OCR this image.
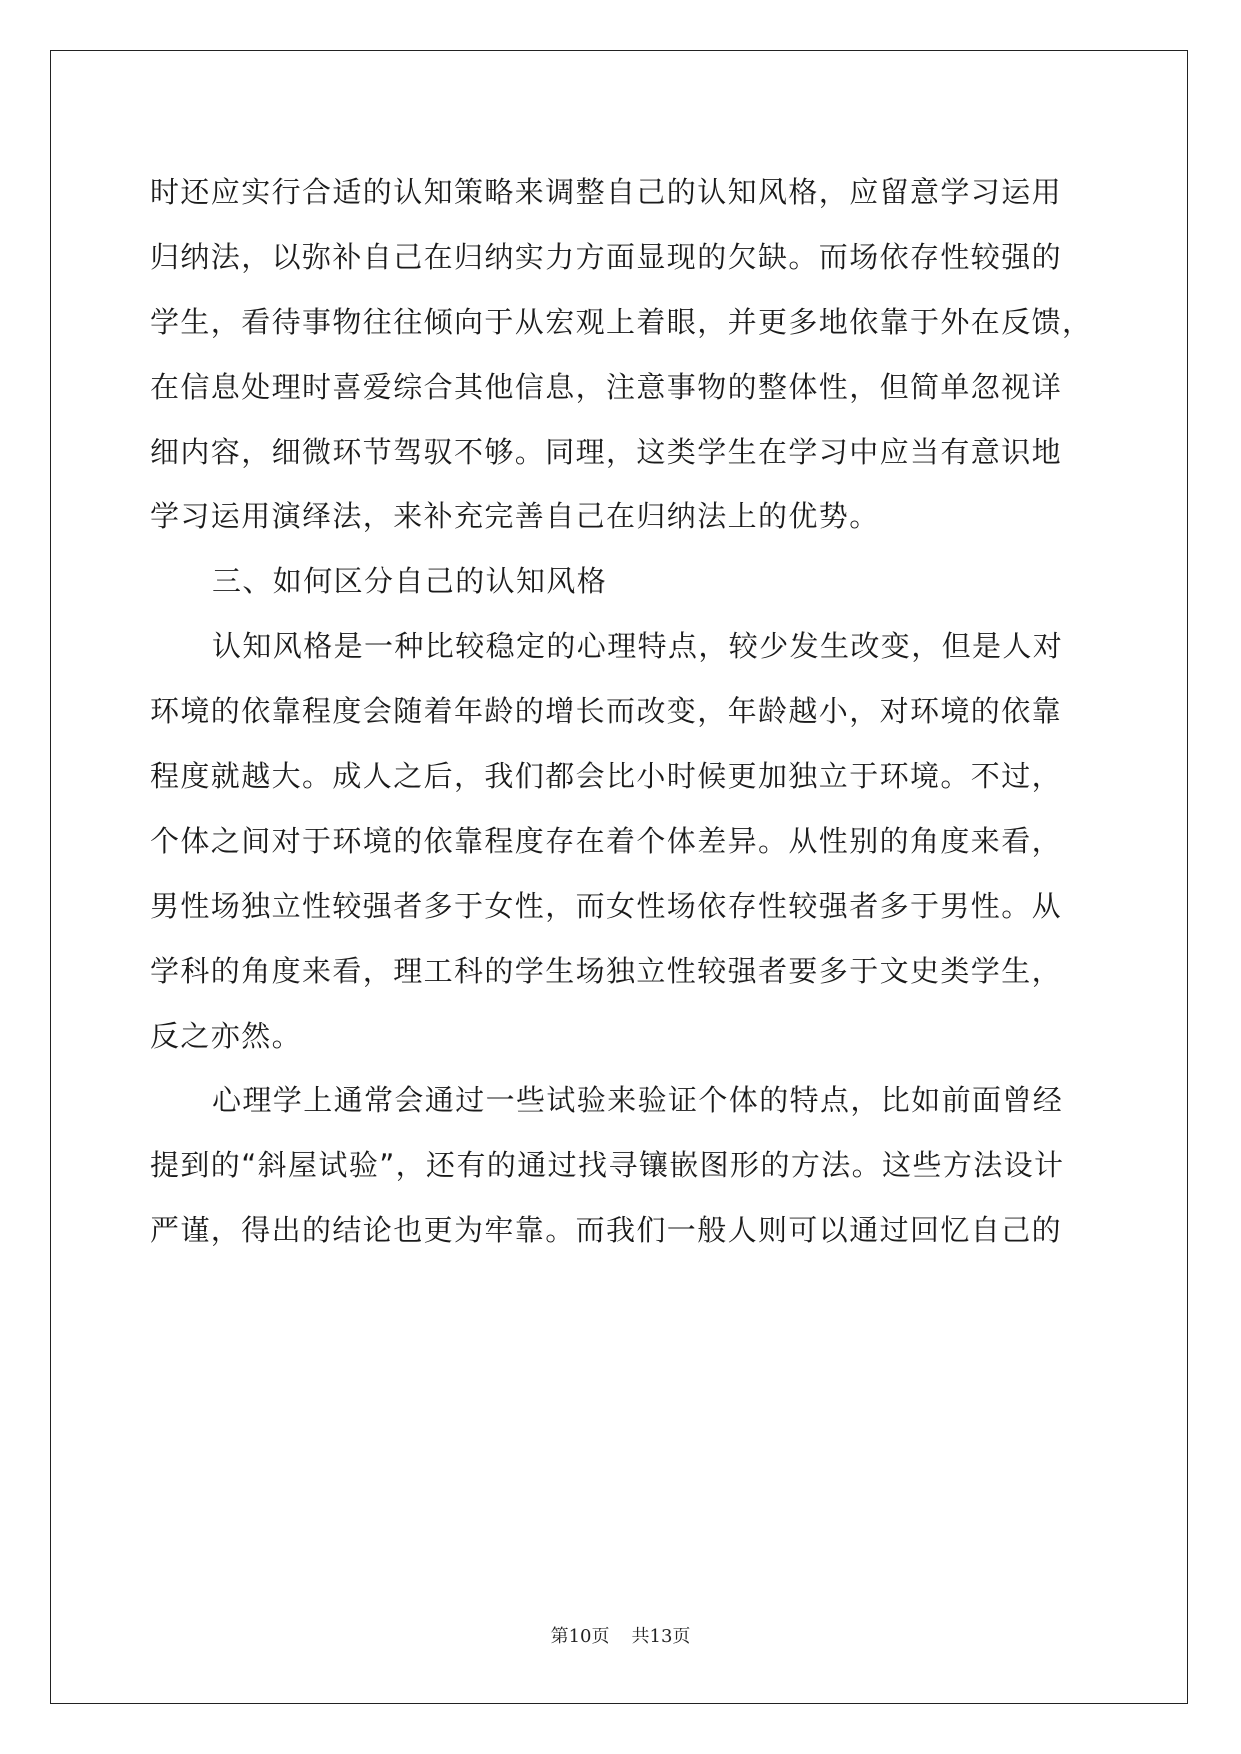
时还应实行合适的认知策略来调整自己的认知风格，应留意学习运用
归纳法，以弥补自己在归纳实力方面显现的欠缺。而场依存性较强的
学生，看待事物往往倾向于从宏观上着眼，并更多地依靠于外在反馈，
在信息处理时喜爱综合其他信息，注意事物的整体性，但简单忽视详
细内容，细微环节驾驭不够。同理，这类学生在学习中应当有意识地
学习运用演绎法，来补充完善自己在归纳法上的优势。
三、如何区分自己的认知风格
认知风格是一种比较稳定的心理特点，较少发生改变，但是人对
环境的依靠程度会随着年龄的增长而改变，年龄越小，对环境的依靠
程度就越大。成人之后，我们都会比小时候更加独立于环境。不过，
个体之间对于环境的依靠程度存在着个体差异。从性别的角度来看，
男性场独立性较强者多于女性，而女性场依存性较强者多于男性。从
学科的角度来看，理工科的学生场独立性较强者要多于文史类学生，
反之亦然。
心理学上通常会通过一些试验来验证个体的特点，比如前面曾经
提到的“斜屋试验”，还有的通过找寻镶嵌图形的方法。这些方法设计
严谨，得出的结论也更为牢靠。而我们一般人则可以通过回忆自己的
第10页 共13页
